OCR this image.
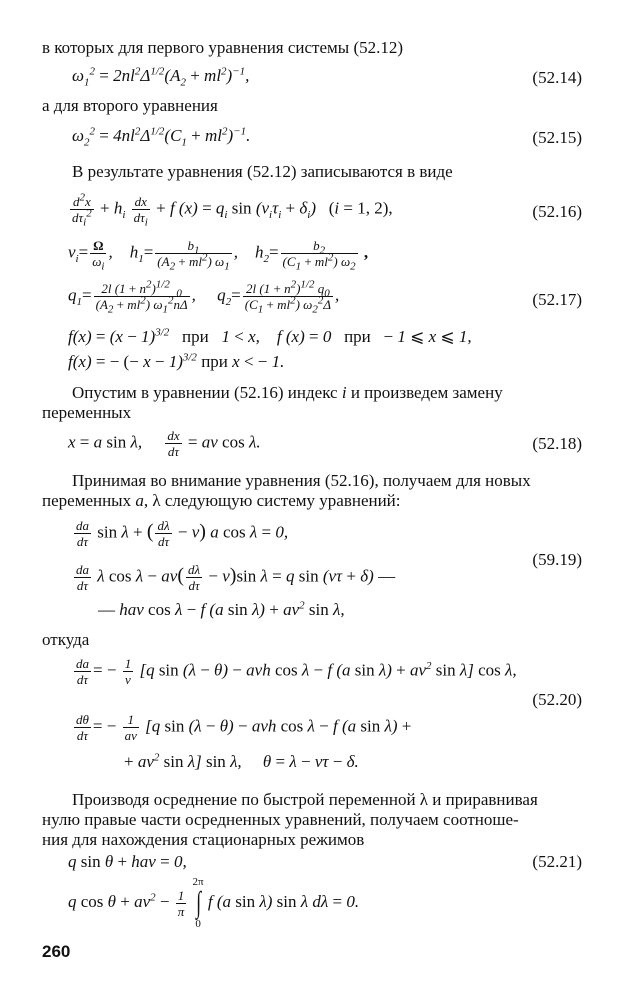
в которых для первого уравнения системы (52.12)
$\omega_1^2 = 2nl^2\Delta^{1/2}(A_2 + ml^2)^{-1}$,	(52.14)
а для второго уравнения
$\omega_2^2 = 4nl^2\Delta^{1/2}(C_1 + ml^2)^{-1}$.	(52.15)
В результате уравнения (52.12) записываются в виде
$\frac{d^2x}{d\tau_i^2} + h_i \frac{dx}{d\tau_i} + f$ $(x) = q_i$ $\sin (\nu_i\tau_i + \delta_i) (i = 1$, 2),	(52.16)
$\nu_i= \frac{\Omega}{\omega_i}$ ,    $h_1= \frac{b_1}{(A_2 + ml^2) \omega_1}$ ,    $h_2= \frac{b_2}{(C_1 + ml^2) \omega_2}$ ,
$q_1= \frac{2l (1 + n^2)^{1/2} _0}{(A_2 + ml^2) \omega_1^2n\Delta}$ ,     $q_2= \frac{2l (1 + n^2)^{1/2} q_0}{(C_1 + ml^2) \omega_2^2\Delta}$ ,	(52.17)
$f(x) = (x - 1)^{3/2}$ при   1 < x,    f (x) = 0   при − 1 ⩽ x ⩽ 1,
f(x) = − (− x − 1)$^{3/2}$ при x < − 1.
Опустим в уравнении (52.16) индекс i и произведем замену
переменных
x = a sin λ, $\frac{dx}{d\tau} = a\nu$ cos λ.	(52.18)
Принимая во внимание уравнения (52.16), получаем для новых
переменных a, λ следующую систему уравнений:
$\frac{da}{d\tau}$ sin λ + ( $\frac{d\lambda}{d\tau} - \nu$) a cos λ = 0,
$\frac{da}{d\tau}$ λ $\cos \lambda - a\nu( \frac{d\lambda}{d\tau} - \nu)\sin$ λ = q sin (ντ + δ) —
(59.19)
— haν cos λ − f (a $\sin \lambda) + a\nu^2$ sin λ,
откуда
$\frac{da}{d\tau}$ = − $\frac{1}{\nu} [q$ sin (λ − θ) − aνh cos λ − f (a $\sin \lambda) + a\nu^2$ sin λ] cos λ,
(52.20)
$\frac{d\theta}{d\tau}$ = − $\frac{1}{a\nu} [q$ sin (λ − θ) − aνh cos λ − f (a sin λ) +
+ $a\nu^2$ sin λ] sin λ,     θ = λ − ντ − δ.
Производя осреднение по быстрой переменной λ и приравнивая
нулю правые части осредненных уравнений, получаем соотноше-
ния для нахождения стационарных режимов
q sin θ + haν = 0,	(52.21)
q $\cos \theta + a\nu^2 - \frac{1}{\pi}$

2π
∫
0
f (a sin λ) sin λ dλ = 0.
260
